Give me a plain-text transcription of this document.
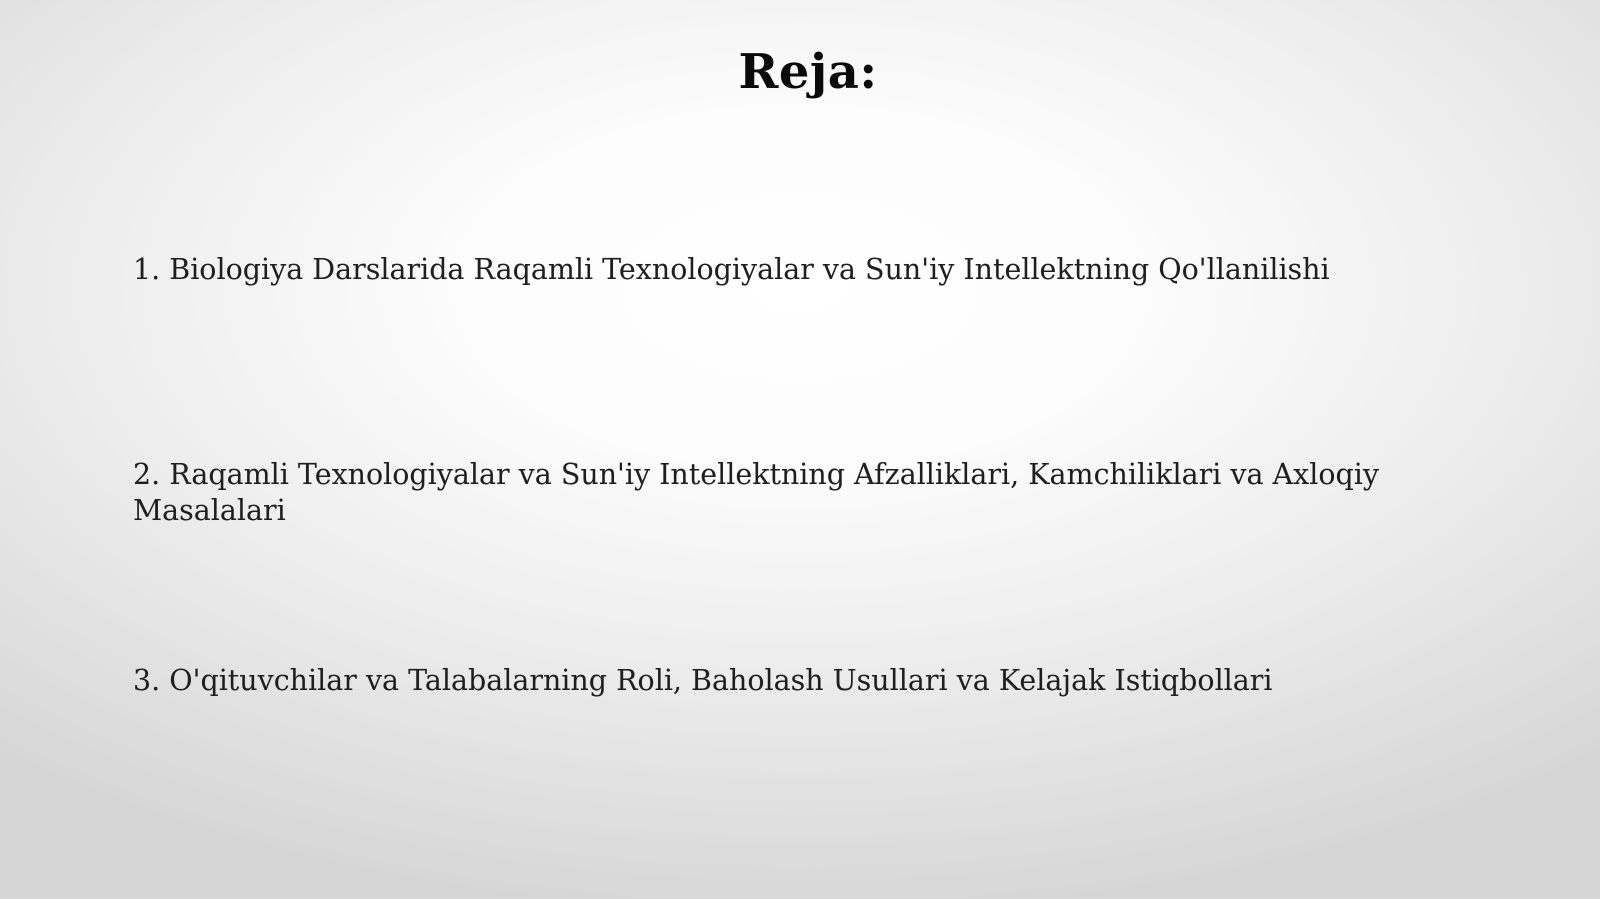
Reja:
1. Biologiya Darslarida Raqamli Texnologiyalar va Sun'iy Intellektning Qo'llanilishi
2. Raqamli Texnologiyalar va Sun'iy Intellektning Afzalliklari, Kamchiliklari va Axloqiy Masalalari
3. O'qituvchilar va Talabalarning Roli, Baholash Usullari va Kelajak Istiqbollari
